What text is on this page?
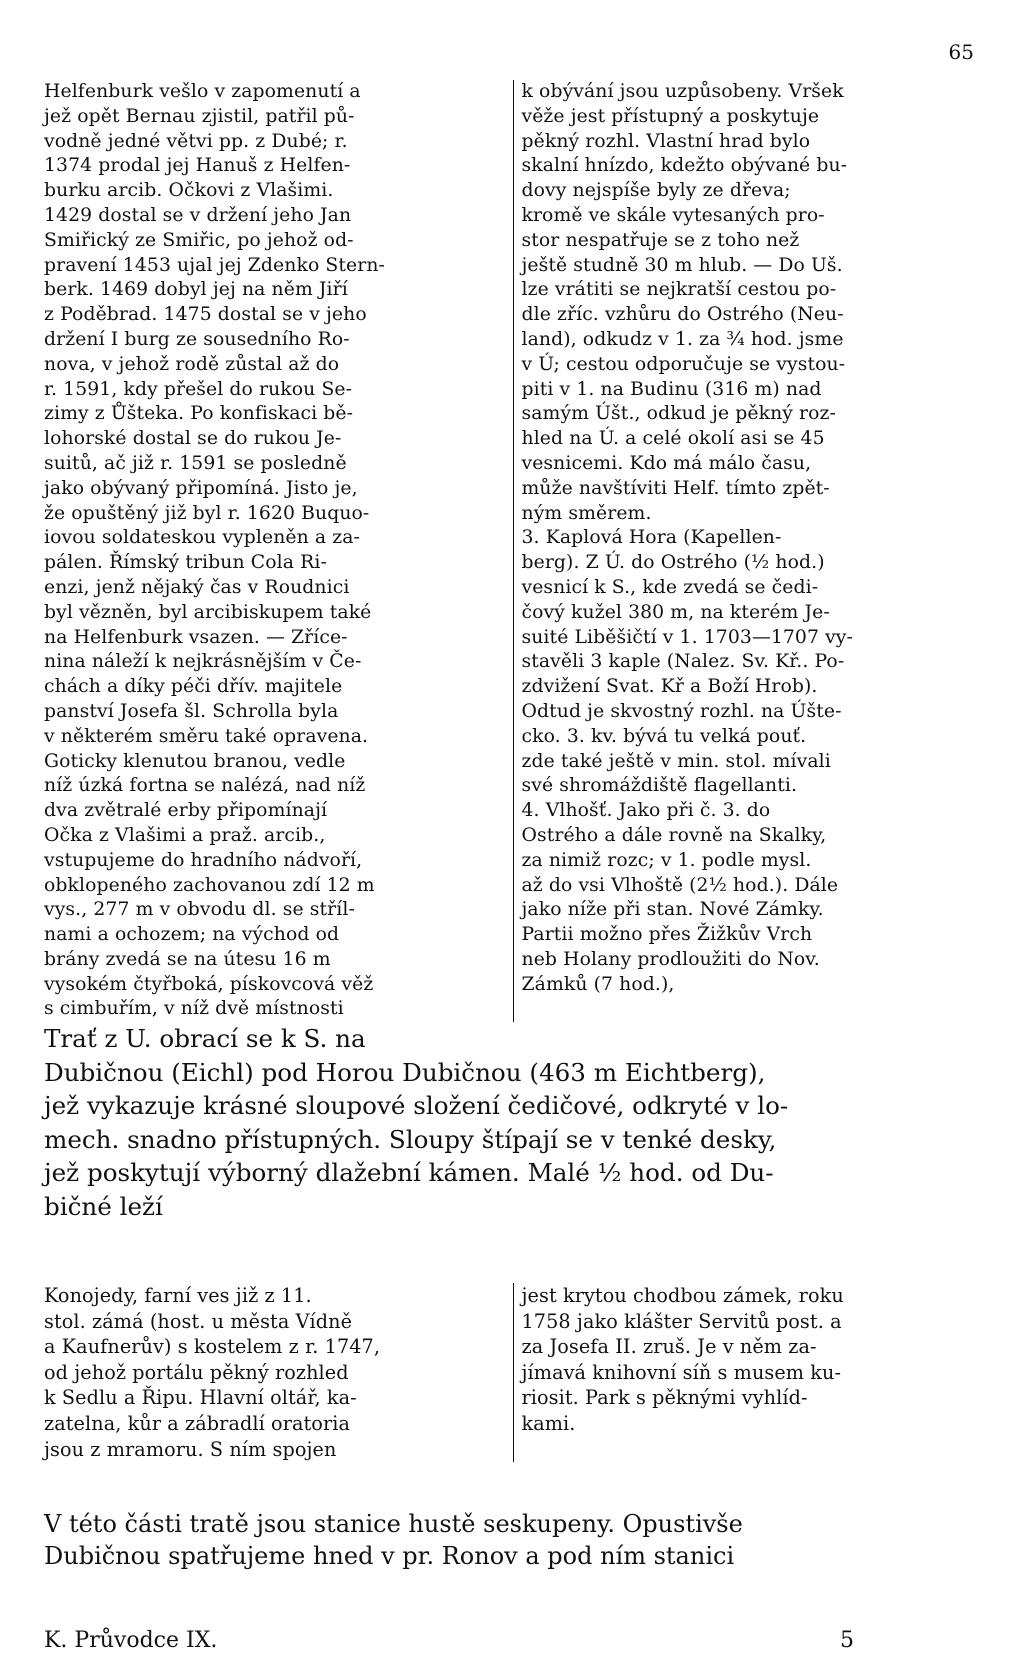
65

Helfenburk vešlo v zapomenutí a

jež opět Bernau zjistil, patřil pů-

vodně jedné větvi pp. z Dubé; r.

1374 prodal jej Hanuš z Helfen-

burku arcib. Očkovi z Vlašimi.

1429 dostal se v držení jeho Jan

Smiřický ze Smiřic, po jehož od-

pravení 1453 ujal jej Zdenko Stern-

berk. 1469 dobyl jej na něm Jiří

z Poděbrad. 1475 dostal se v jeho

držení I burg ze sousedního Ro-

nova, v jehož rodě zůstal až do

r. 1591, kdy přešel do rukou Se-

zimy z Ůšteka. Po konfiskaci bě-

lohorské dostal se do rukou Je-

suitů, ač již r. 1591 se posledně

jako obývaný připomíná. Jisto je,

že opuštěný již byl r. 1620 Buquo-

iovou soldateskou vypleněn a za-

pálen. Římský tribun Cola Ri-

enzi, jenž nějaký čas v Roudnici

byl vězněn, byl arcibiskupem také

na Helfenburk vsazen. — Zříce-

nina náleží k nejkrásnějším v Če-

chách a díky péči dřív. majitele

panství Josefa šl. Schrolla byla

v některém směru také opravena.

Goticky klenutou branou, vedle

níž úzká fortna se nalézá, nad níž

dva zvětralé erby připomínají

Očka z Vlašimi a praž. arcib.,

vstupujeme do hradního nádvoří,

obklopeného zachovanou zdí 12 m

vys., 277 m v obvodu dl. se stříl-

nami a ochozem; na východ od

brány zvedá se na útesu 16 m

vysokém čtyřboká, pískovcová věž

s cimbuřím, v níž dvě místnosti

k obývání jsou uzpůsobeny. Vršek

věže jest přístupný a poskytuje

pěkný rozhl. Vlastní hrad bylo

skalní hnízdo, kdežto obývané bu-

dovy nejspíše byly ze dřeva;

kromě ve skále vytesaných pro-

stor nespatřuje se z toho než

ještě studně 30 m hlub. — Do Uš.

lze vrátiti se nejkratší cestou po-

dle zříc. vzhůru do Ostrého (Neu-

land), odkudz v 1. za ¾ hod. jsme

v Ú; cestou odporučuje se vystou-

piti v 1. na Budinu (316 m) nad

samým Úšt., odkud je pěkný roz-

hled na Ú. a celé okolí asi se 45

vesnicemi. Kdo má málo času,

může navštíviti Helf. tímto zpět-

ným směrem.

3. Kaplová Hora (Kapellen-

berg). Z Ú. do Ostrého (½ hod.)

vesnicí k S., kde zvedá se čedi-

čový kužel 380 m, na kterém Je-

suité Liběšičtí v 1. 1703—1707 vy-

stavěli 3 kaple (Nalez. Sv. Kř.. Po-

zdvižení Svat. Kř a Boží Hrob).

Odtud je skvostný rozhl. na Úšte-

cko. 3. kv. bývá tu velká pouť.

zde také ještě v min. stol. mívali

své shromáždiště flagellanti.

4. Vlhošť. Jako při č. 3. do

Ostrého a dále rovně na Skalky,

za nimiž rozc; v 1. podle mysl.

až do vsi Vlhoště (2½ hod.). Dále

jako níže při stan. Nové Zámky.

Partii možno přes Žižkův Vrch

neb Holany prodloužiti do Nov.

Zámků (7 hod.),

Trať z U. obrací se k S. na

Dubičnou (Eichl) pod Horou Dubičnou (463 m Eichtberg),

jež vykazuje krásné sloupové složení čedičové, odkryté v lo-

mech. snadno přístupných. Sloupy štípají se v tenké desky,

jež poskytují výborný dlažební kámen. Malé ½ hod. od Du-

bičné leží

Konojedy, farní ves již z 11.

stol. zámá (host. u města Vídně

a Kaufnerův) s kostelem z r. 1747,

od jehož portálu pěkný rozhled

k Sedlu a Řipu. Hlavní oltář, ka-

zatelna, kůr a zábradlí oratoria

jsou z mramoru. S ním spojen

jest krytou chodbou zámek, roku

1758 jako klášter Servitů post. a

za Josefa II. zruš. Je v něm za-

jímavá knihovní síň s musem ku-

riosit. Park s pěknými vyhlíd-

kami.

V této části tratě jsou stanice hustě seskupeny. Opustivše

Dubičnou spatřujeme hned v pr. Ronov a pod ním stanici

K. Průvodce IX.	5
